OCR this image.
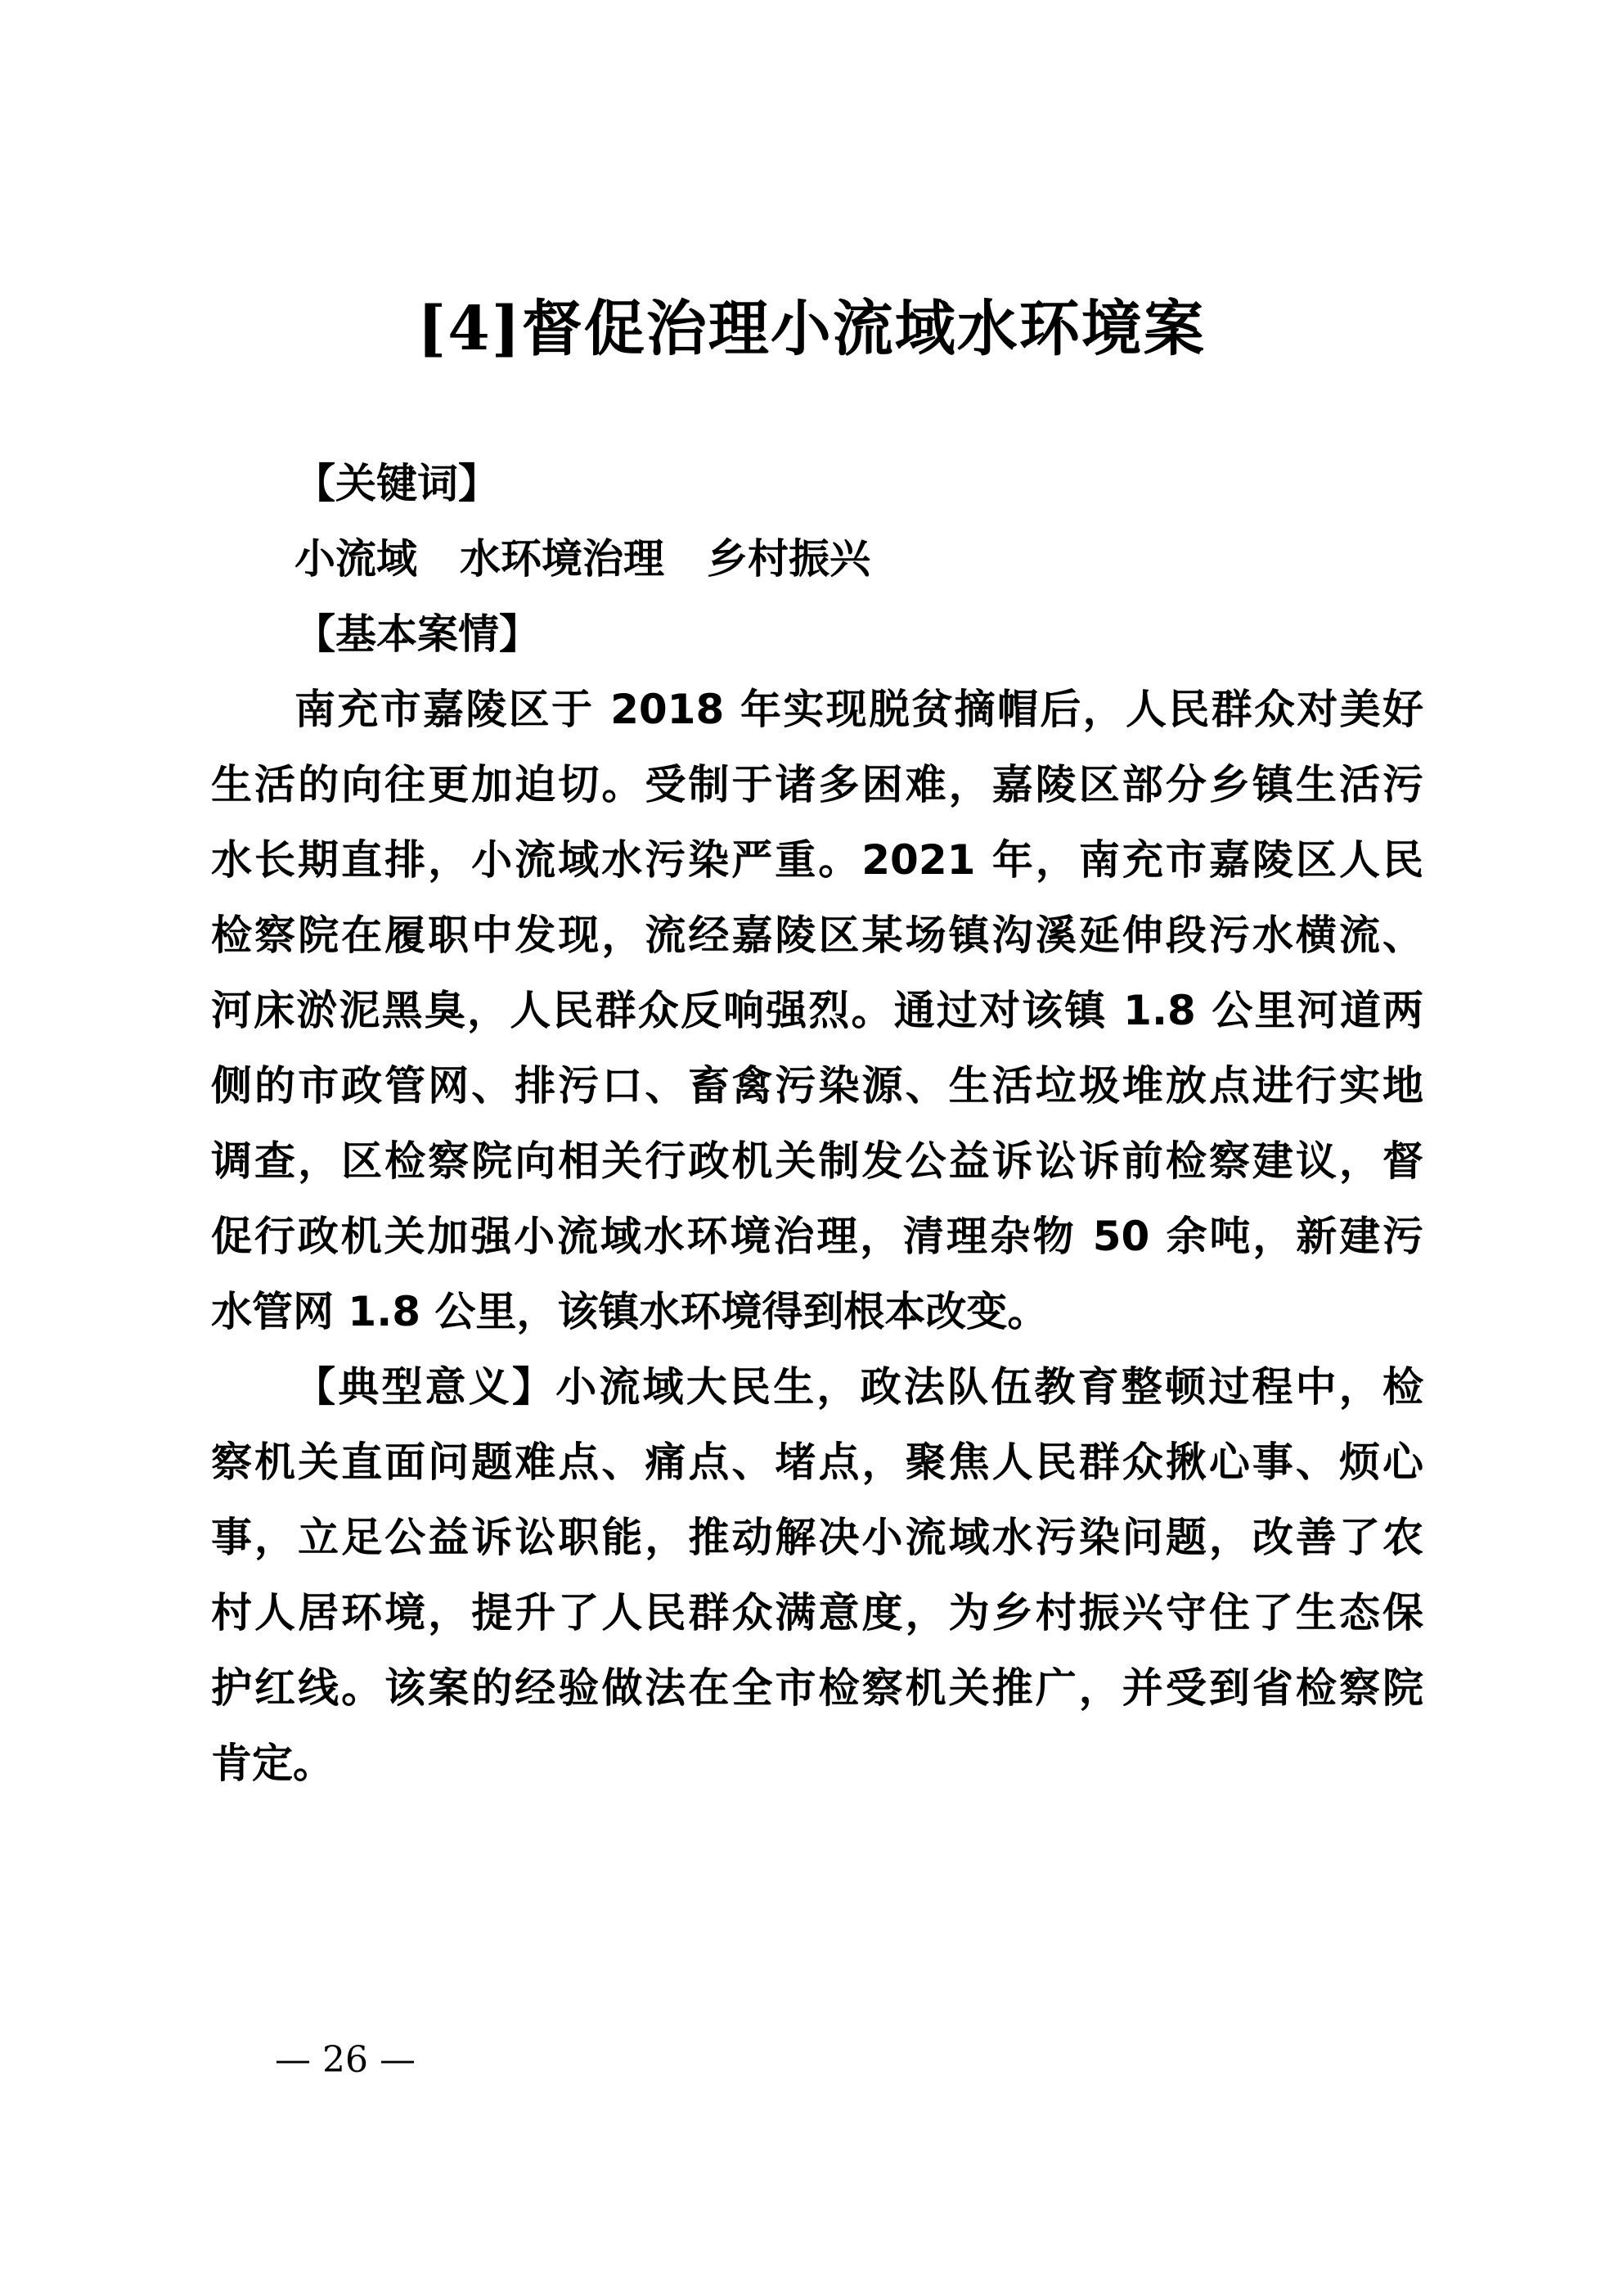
[4]督促治理小流域水环境案
【关键词】
小流域 水环境治理 乡村振兴
【基本案情】
南充市嘉陵区于 2018 年实现脱贫摘帽后，人民群众对美好
生活的向往更加迫切。受制于诸多困难，嘉陵区部分乡镇生活污
水长期直排，小流域水污染严重。2021 年，南充市嘉陵区人民
检察院在履职中发现，流经嘉陵区某场镇沟溪延伸段污水横流、
河床淤泥黑臭，人民群众反响强烈。通过对该镇 1.8 公里河道两
侧的市政管网、排污口、畜禽污染源、生活垃圾堆放点进行实地
调查，区检察院向相关行政机关制发公益诉讼诉前检察建议，督
促行政机关加强小流域水环境治理，清理杂物 50 余吨，新建污
水管网 1.8 公里，该镇水环境得到根本改变。
【典型意义】小流域大民生，政法队伍教育整顿过程中，检
察机关直面问题难点、痛点、堵点，聚焦人民群众揪心事、烦心
事，立足公益诉讼职能，推动解决小流域水污染问题，改善了农
村人居环境，提升了人民群众满意度，为乡村振兴守住了生态保
护红线。该案的经验做法在全市检察机关推广，并受到省检察院
肯定。
— 26 —
